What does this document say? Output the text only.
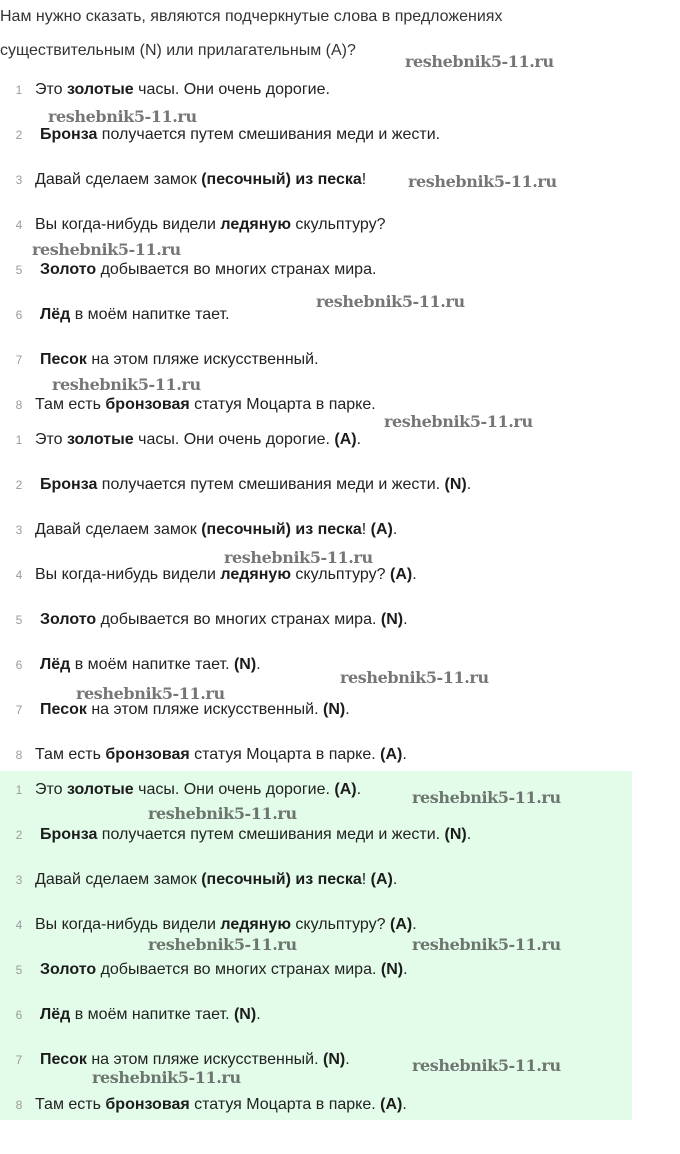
Нам нужно сказать, являются подчеркнутые слова в предложениях
существительным (N) или прилагательным (A)?
1 Это золотые часы. Они очень дорогие.
2 Бронза получается путем смешивания меди и жести.
3 Давай сделаем замок (песочный) из песка!
4 Вы когда-нибудь видели ледяную скульптуру?
5 Золото добывается во многих странах мира.
6 Лёд в моём напитке тает.
7 Песок на этом пляже искусственный.
8 Там есть бронзовая статуя Моцарта в парке.
1 Это золотые часы. Они очень дорогие. (A).
2 Бронза получается путем смешивания меди и жести. (N).
3 Давай сделаем замок (песочный) из песка! (A).
4 Вы когда-нибудь видели ледяную скульптуру? (A).
5 Золото добывается во многих странах мира. (N).
6 Лёд в моём напитке тает. (N).
7 Песок на этом пляже искусственный. (N).
8 Там есть бронзовая статуя Моцарта в парке. (A).
1 Это золотые часы. Они очень дорогие. (A).
2 Бронза получается путем смешивания меди и жести. (N).
3 Давай сделаем замок (песочный) из песка! (A).
4 Вы когда-нибудь видели ледяную скульптуру? (A).
5 Золото добывается во многих странах мира. (N).
6 Лёд в моём напитке тает. (N).
7 Песок на этом пляже искусственный. (N).
8 Там есть бронзовая статуя Моцарта в парке. (A).
reshebnik5-11.ru
reshebnik5-11.ru
reshebnik5-11.ru
reshebnik5-11.ru
reshebnik5-11.ru
reshebnik5-11.ru
reshebnik5-11.ru
reshebnik5-11.ru
reshebnik5-11.ru
reshebnik5-11.ru
reshebnik5-11.ru
reshebnik5-11.ru
reshebnik5-11.ru	reshebnik5-11.ru
reshebnik5-11.ru
reshebnik5-11.ru
